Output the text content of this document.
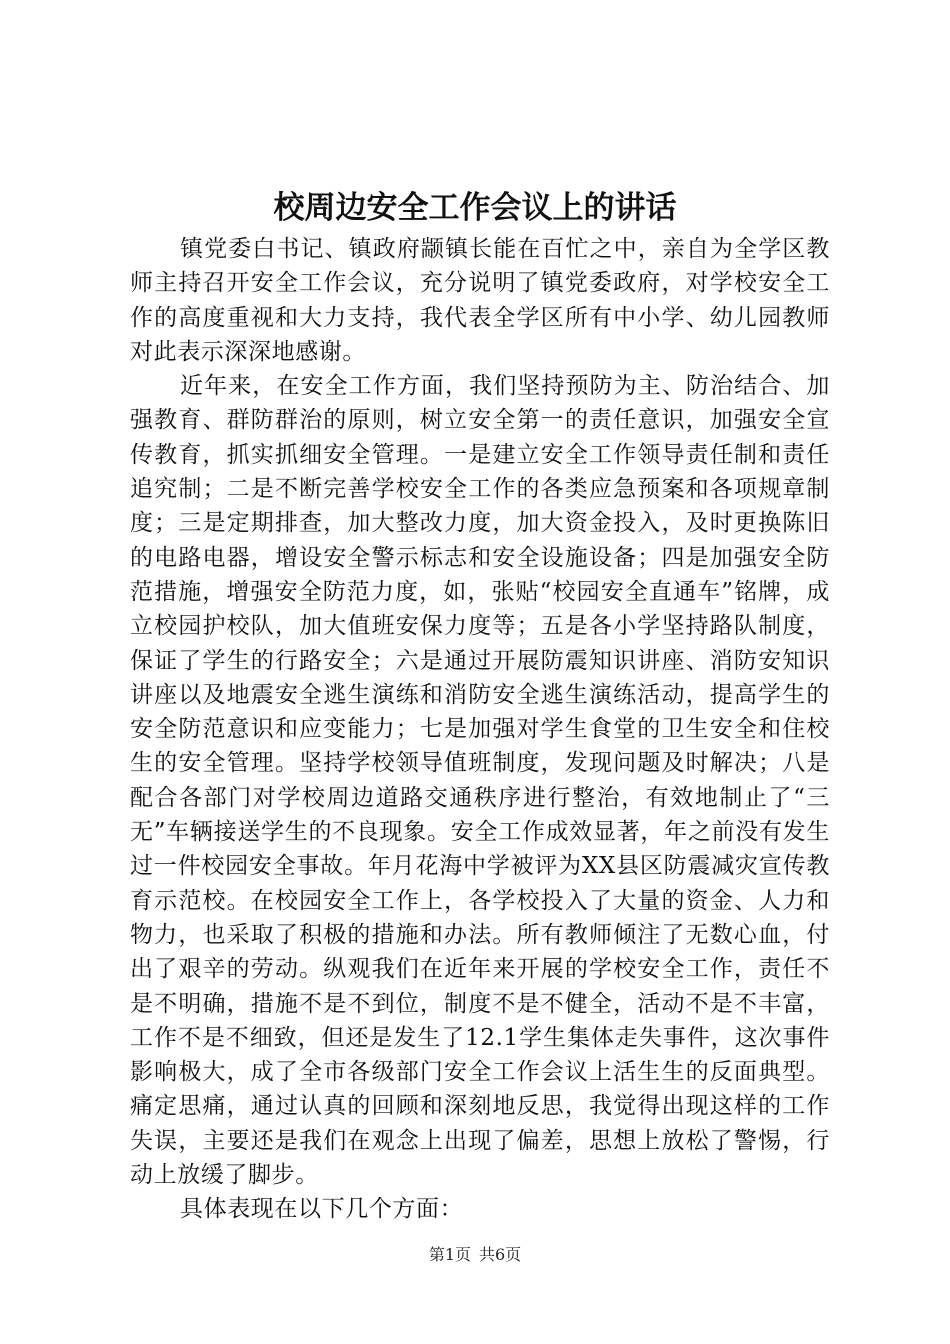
校周边安全工作会议上的讲话

镇党委白书记、镇政府颛镇长能在百忙之中，亲自为全学区教师主持召开安全工作会议，充分说明了镇党委政府，对学校安全工作的高度重视和大力支持，我代表全学区所有中小学、幼儿园教师对此表示深深地感谢。

近年来，在安全工作方面，我们坚持预防为主、防治结合、加强教育、群防群治的原则，树立安全第一的责任意识，加强安全宣传教育，抓实抓细安全管理。一是建立安全工作领导责任制和责任追究制；二是不断完善学校安全工作的各类应急预案和各项规章制度；三是定期排查，加大整改力度，加大资金投入，及时更换陈旧的电路电器，增设安全警示标志和安全设施设备；四是加强安全防范措施，增强安全防范力度，如，张贴“校园安全直通车”铭牌，成立校园护校队，加大值班安保力度等；五是各小学坚持路队制度，保证了学生的行路安全；六是通过开展防震知识讲座、消防安知识讲座以及地震安全逃生演练和消防安全逃生演练活动，提高学生的安全防范意识和应变能力；七是加强对学生食堂的卫生安全和住校生的安全管理。坚持学校领导值班制度，发现问题及时解决；八是配合各部门对学校周边道路交通秩序进行整治，有效地制止了“三无”车辆接送学生的不良现象。安全工作成效显著，年之前没有发生过一件校园安全事故。年月花海中学被评为XX县区防震减灾宣传教育示范校。在校园安全工作上，各学校投入了大量的资金、人力和物力，也采取了积极的措施和办法。所有教师倾注了无数心血，付出了艰辛的劳动。纵观我们在近年来开展的学校安全工作，责任不是不明确，措施不是不到位，制度不是不健全，活动不是不丰富，工作不是不细致，但还是发生了12.1学生集体走失事件，这次事件影响极大，成了全市各级部门安全工作会议上活生生的反面典型。痛定思痛，通过认真的回顾和深刻地反思，我觉得出现这样的工作失误，主要还是我们在观念上出现了偏差，思想上放松了警惕，行动上放缓了脚步。

具体表现在以下几个方面：

第1页 共6页
